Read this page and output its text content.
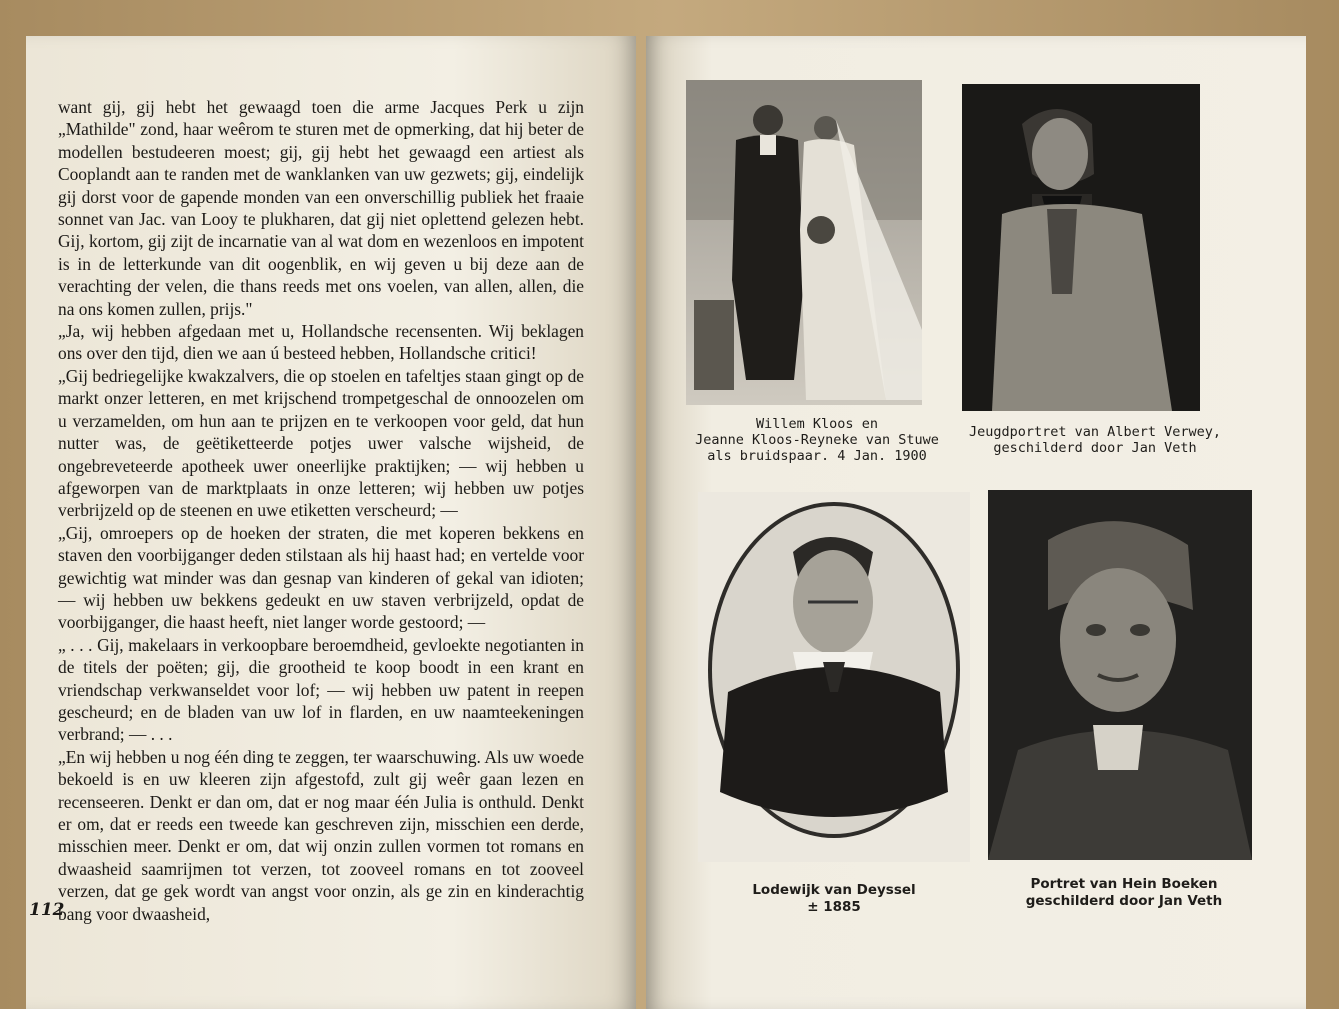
want gij, gij hebt het gewaagd toen die arme Jacques Perk u zijn „Mathilde" zond, haar weêrom te sturen met de opmerking, dat hij beter de modellen bestudeeren moest; gij, gij hebt het gewaagd een artiest als Cooplandt aan te randen met de wanklanken van uw gezwets; gij, eindelijk gij dorst voor de gapende monden van een onverschillig publiek het fraaie sonnet van Jac. van Looy te plukharen, dat gij niet oplettend gelezen hebt. Gij, kortom, gij zijt de incarnatie van al wat dom en wezenloos en impotent is in de letterkunde van dit oogenblik, en wij geven u bij deze aan de verachting der velen, die thans reeds met ons voelen, van allen, allen, die na ons komen zullen, prijs."

„Ja, wij hebben afgedaan met u, Hollandsche recensenten. Wij beklagen ons over den tijd, dien we aan ú besteed hebben, Hollandsche critici!

„Gij bedriegelijke kwakzalvers, die op stoelen en tafeltjes staan gingt op de markt onzer letteren, en met krijschend trompetgeschal de onnoozelen om u verzamelden, om hun aan te prijzen en te verkoopen voor geld, dat hun nutter was, de geëtiketteerde potjes uwer valsche wijsheid, de ongebreveteerde apotheek uwer oneerlijke praktijken; — wij hebben u afgeworpen van de marktplaats in onze letteren; wij hebben uw potjes verbrijzeld op de steenen en uwe etiketten verscheurd; —

„Gij, omroepers op de hoeken der straten, die met koperen bekkens en staven den voorbijganger deden stilstaan als hij haast had; en vertelde voor gewichtig wat minder was dan gesnap van kinderen of gekal van idioten; — wij hebben uw bekkens gedeukt en uw staven verbrijzeld, opdat de voorbijganger, die haast heeft, niet langer worde gestoord; —

„ . . . Gij, makelaars in verkoopbare beroemdheid, gevloekte negotianten in de titels der poëten; gij, die grootheid te koop boodt in een krant en vriendschap verkwanseldet voor lof; — wij hebben uw patent in reepen gescheurd; en de bladen van uw lof in flarden, en uw naamteekeningen verbrand; — . . .

„En wij hebben u nog één ding te zeggen, ter waarschuwing. Als uw woede bekoeld is en uw kleeren zijn afgestofd, zult gij weêr gaan lezen en recenseeren. Denkt er dan om, dat er nog maar één Julia is onthuld. Denkt er om, dat er reeds een tweede kan geschreven zijn, misschien een derde, misschien meer. Denkt er om, dat wij onzin zullen vormen tot romans en dwaasheid saamrijmen tot verzen, tot zooveel romans en tot zooveel verzen, dat ge gek wordt van angst voor onzin, als ge zin en kinderachtig bang voor dwaasheid,

112
Willem Kloos en
Jeanne Kloos-Reyneke van Stuwe
als bruidspaar. 4 Jan. 1900
Jeugdportret van Albert Verwey,
geschilderd door Jan Veth
Lodewijk van Deyssel
± 1885
Portret van Hein Boeken
geschilderd door Jan Veth
